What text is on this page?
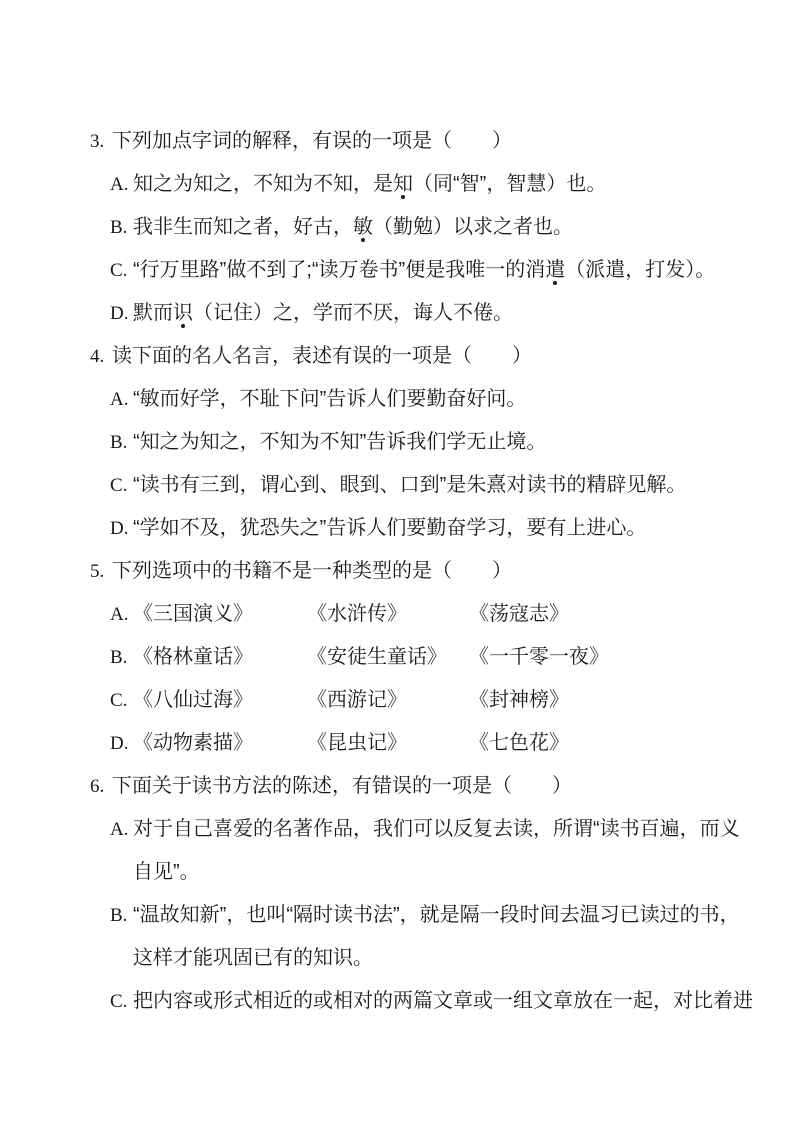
3. 下列加点字词的解释，有误的一项是（　　）
A. 知之为知之，不知为不知，是知（同“智”，智慧）也。
B. 我非生而知之者，好古，敏（勤勉）以求之者也。
C. “行万里路”做不到了;“读万卷书”便是我唯一的消遣（派遣，打发）。
D. 默而识（记住）之，学而不厌，诲人不倦。
4. 读下面的名人名言，表述有误的一项是（　　）
A. “敏而好学，不耻下问”告诉人们要勤奋好问。
B. “知之为知之，不知为不知”告诉我们学无止境。
C. “读书有三到，谓心到、眼到、口到”是朱熹对读书的精辟见解。
D. “学如不及，犹恐失之”告诉人们要勤奋学习，要有上进心。
5. 下列选项中的书籍不是一种类型的是（　　）
A. 《三国演义》	《水浒传》	《荡寇志》
B. 《格林童话》	《安徒生童话》 《一千零一夜》
C. 《八仙过海》	《西游记》	《封神榜》
D. 《动物素描》	《昆虫记》	《七色花》
6. 下面关于读书方法的陈述，有错误的一项是（　　）
A. 对于自己喜爱的名著作品，我们可以反复去读，所谓“读书百遍，而义自见”。
B. “温故知新”，也叫“隔时读书法”，就是隔一段时间去温习已读过的书，这样才能巩固已有的知识。
C. 把内容或形式相近的或相对的两篇文章或一组文章放在一起，对比着进
